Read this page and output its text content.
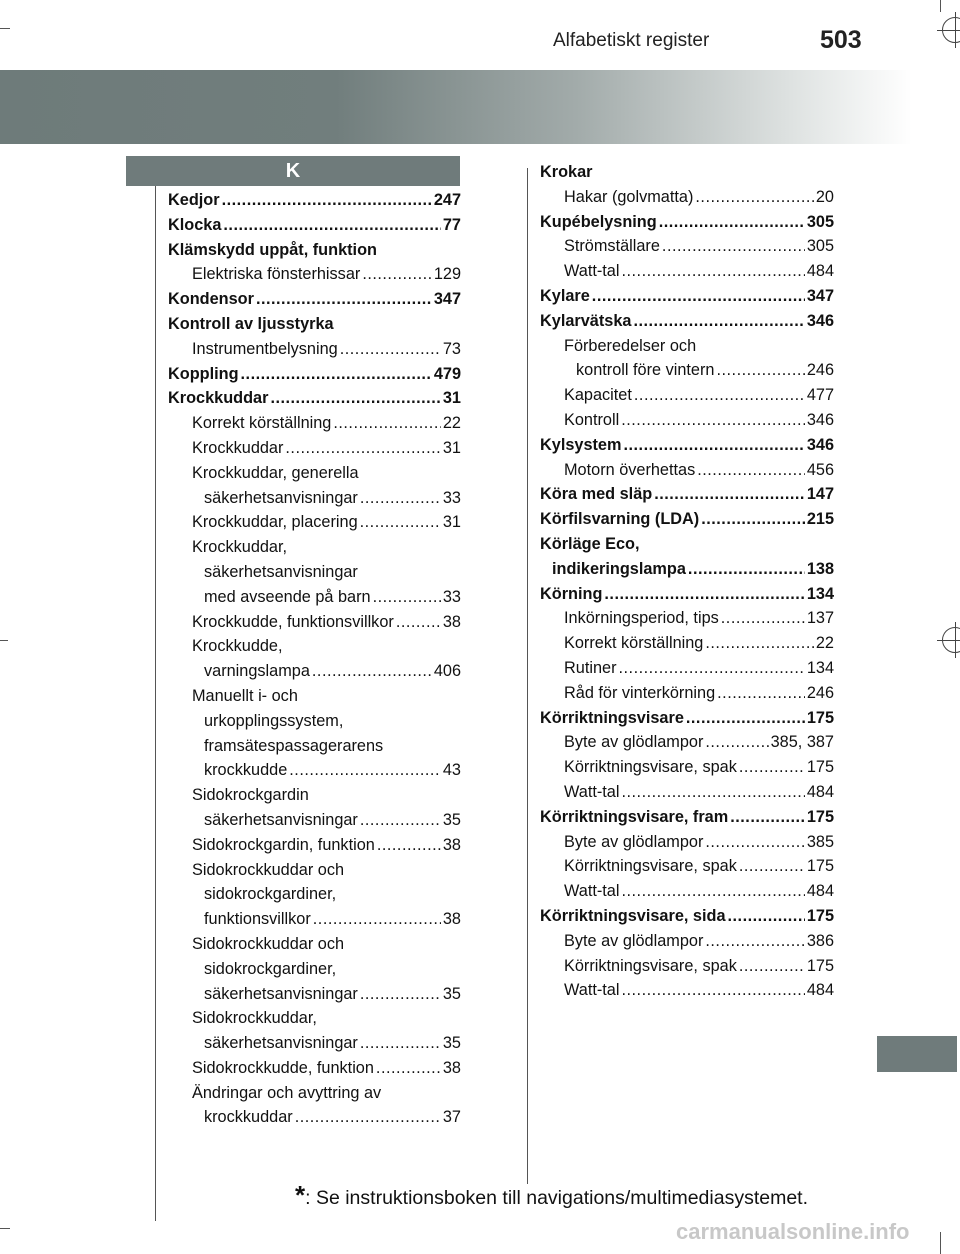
Alfabetiskt register	503
K
Kedjor .....	247
Klocka .....	77
Klämskydd uppåt, funktion
Elektriska fönsterhissar .....	129
Kondensor .....	347
Kontroll av ljusstyrka
Instrumentbelysning .....	73
Koppling .....	479
Krockkuddar .....	31
Korrekt körställning .....	22
Krockkuddar .....	31
Krockkuddar, generella
säkerhetsanvisningar .....	33
Krockkuddar, placering .....	31
Krockkuddar,
säkerhetsanvisningar
med avseende på barn .....	33
Krockkudde, funktionsvillkor .....	38
Krockkudde,
varningslampa .....	406
Manuellt i- och
urkopplingssystem,
framsätespassagerarens
krockkudde .....	43
Sidokrockgardin
säkerhetsanvisningar .....	35
Sidokrockgardin, funktion .....	38
Sidokrockkuddar och
sidokrockgardiner,
funktionsvillkor .....	38
Sidokrockkuddar och
sidokrockgardiner,
säkerhetsanvisningar .....	35
Sidokrockkuddar,
säkerhetsanvisningar .....	35
Sidokrockkudde, funktion .....	38
Ändringar och avyttring av
krockkuddar .....	37
Krokar
Hakar (golvmatta) .....	20
Kupébelysning .....	305
Strömställare .....	305
Watt-tal .....	484
Kylare .....	347
Kylarvätska .....	346
Förberedelser och
kontroll före vintern .....	246
Kapacitet .....	477
Kontroll .....	346
Kylsystem .....	346
Motorn överhettas .....	456
Köra med släp .....	147
Körfilsvarning (LDA) .....	215
Körläge Eco,
indikeringslampa .....	138
Körning .....	134
Inkörningsperiod, tips .....	137
Korrekt körställning .....	22
Rutiner .....	134
Råd för vinterkörning .....	246
Körriktningsvisare .....	175
Byte av glödlampor .....	385, 387
Körriktningsvisare, spak .....	175
Watt-tal .....	484
Körriktningsvisare, fram .....	175
Byte av glödlampor .....	385
Körriktningsvisare, spak .....	175
Watt-tal .....	484
Körriktningsvisare, sida .....	175
Byte av glödlampor .....	386
Körriktningsvisare, spak .....	175
Watt-tal .....	484
*: Se instruktionsboken till navigations/multimediasystemet.
carmanualsonline.info
